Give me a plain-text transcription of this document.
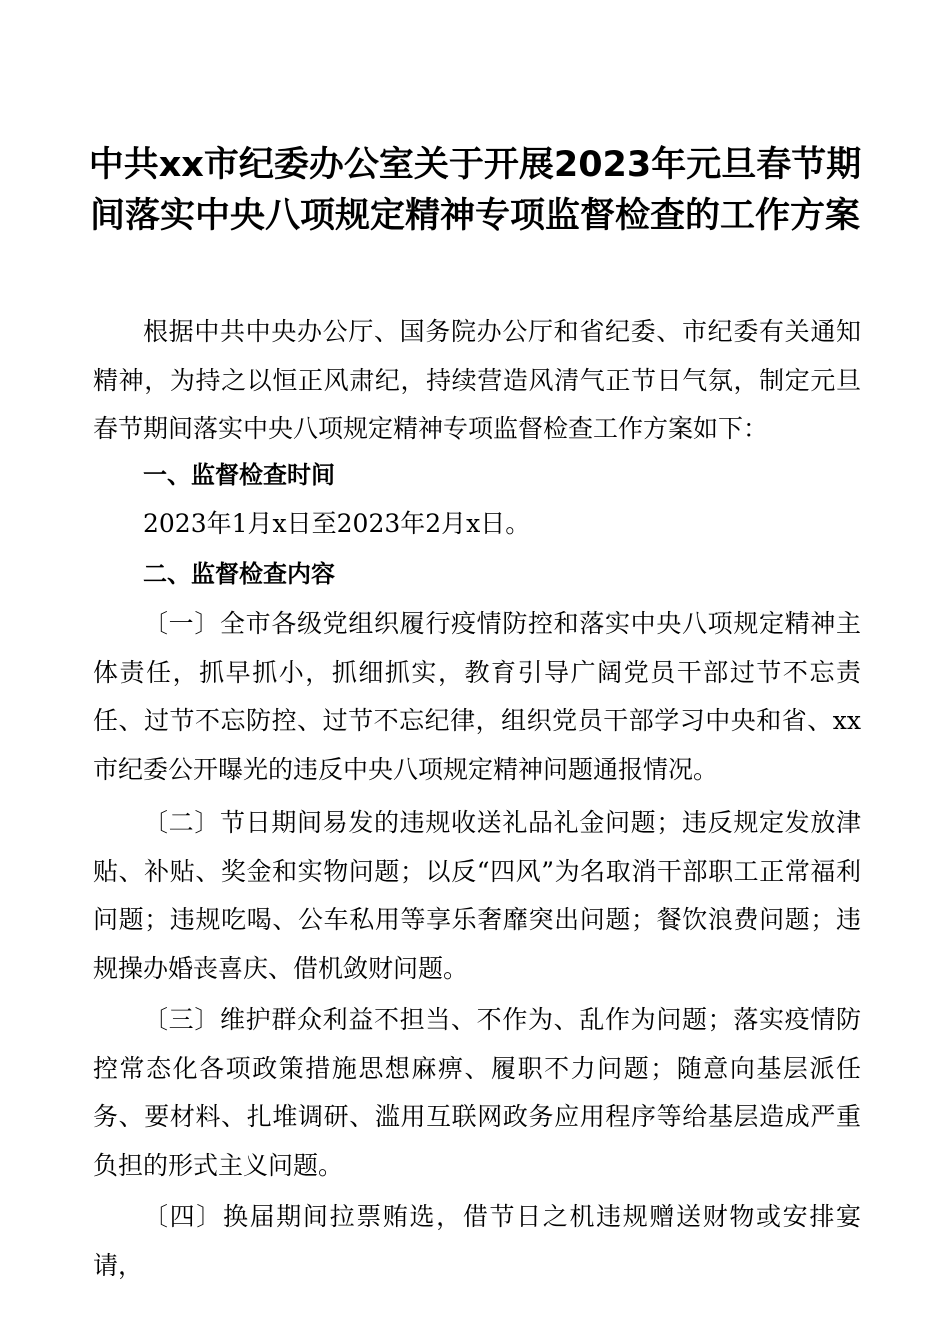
中共xx市纪委办公室关于开展2023年元旦春节期间落实中央八项规定精神专项监督检查的工作方案

根据中共中央办公厅、国务院办公厅和省纪委、市纪委有关通知精神，为持之以恒正风肃纪，持续营造风清气正节日气氛，制定元旦春节期间落实中央八项规定精神专项监督检查工作方案如下：

一、监督检查时间

2023年1月x日至2023年2月x日。

二、监督检查内容

〔一〕全市各级党组织履行疫情防控和落实中央八项规定精神主体责任，抓早抓小，抓细抓实，教育引导广阔党员干部过节不忘责任、过节不忘防控、过节不忘纪律，组织党员干部学习中央和省、xx市纪委公开曝光的违反中央八项规定精神问题通报情况。

〔二〕节日期间易发的违规收送礼品礼金问题；违反规定发放津贴、补贴、奖金和实物问题；以反“四风”为名取消干部职工正常福利问题；违规吃喝、公车私用等享乐奢靡突出问题；餐饮浪费问题；违规操办婚丧喜庆、借机敛财问题。

〔三〕维护群众利益不担当、不作为、乱作为问题；落实疫情防控常态化各项政策措施思想麻痹、履职不力问题；随意向基层派任务、要材料、扎堆调研、滥用互联网政务应用程序等给基层造成严重负担的形式主义问题。

〔四〕换届期间拉票贿选，借节日之机违规赠送财物或安排宴请，
